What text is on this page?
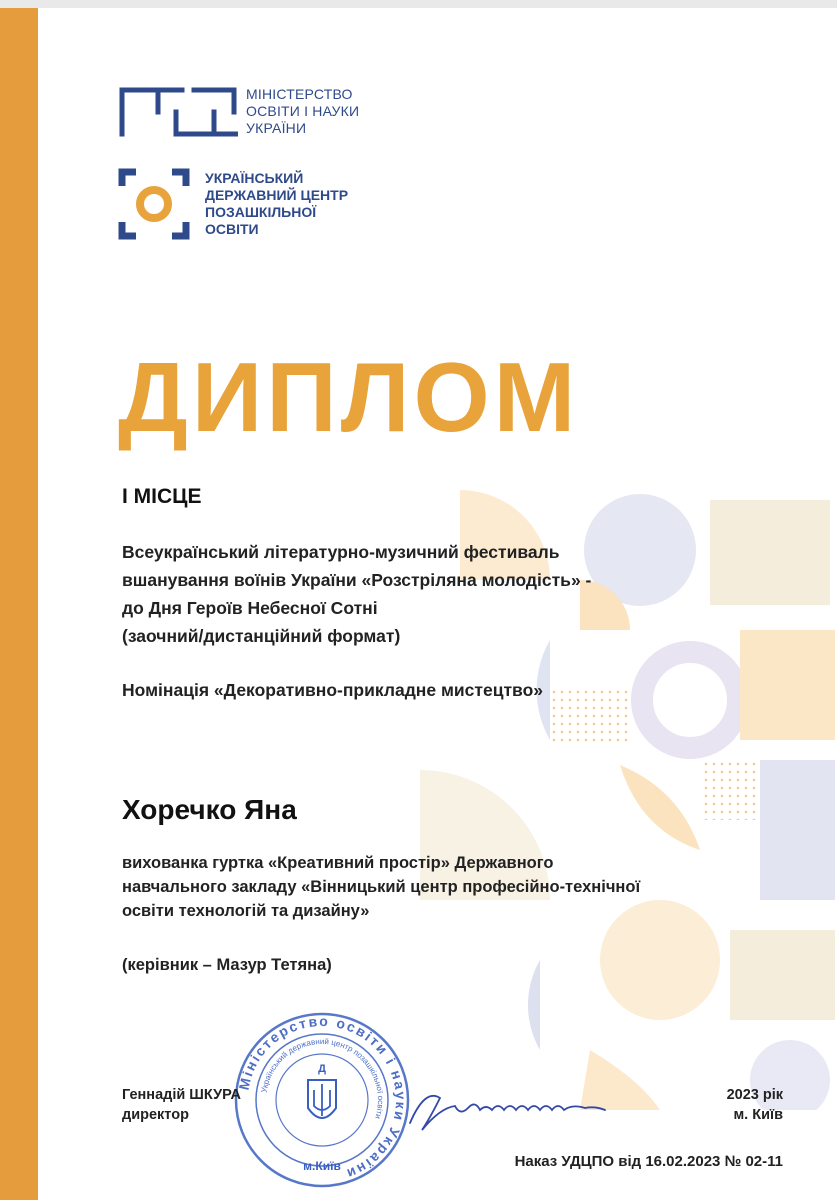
МІНІСТЕРСТВО
ОСВІТИ І НАУКИ
УКРАЇНИ
УКРАЇНСЬКИЙ
ДЕРЖАВНИЙ ЦЕНТР
ПОЗАШКІЛЬНОЇ
ОСВІТИ
ДИПЛОМ
І МІСЦЕ
Всеукраїнський літературно-музичний фестиваль
вшанування воїнів України «Розстріляна молодість» -
до Дня Героїв Небесної Сотні
(заочний/дистанційний формат)
Номінація «Декоративно-прикладне мистецтво»
Хоречко Яна
вихованка гуртка «Креативний простір» Державного
навчального закладу «Вінницький центр професійно-технічної
освіти технологій та дизайну»
(керівник – Мазур Тетяна)
Міністерство освіти і науки України
Український державний центр позашкільної освіти
Д
м.Київ
Геннадій ШКУРА
директор
2023 рік
м. Київ
Наказ УДЦПО від 16.02.2023 № 02-11
